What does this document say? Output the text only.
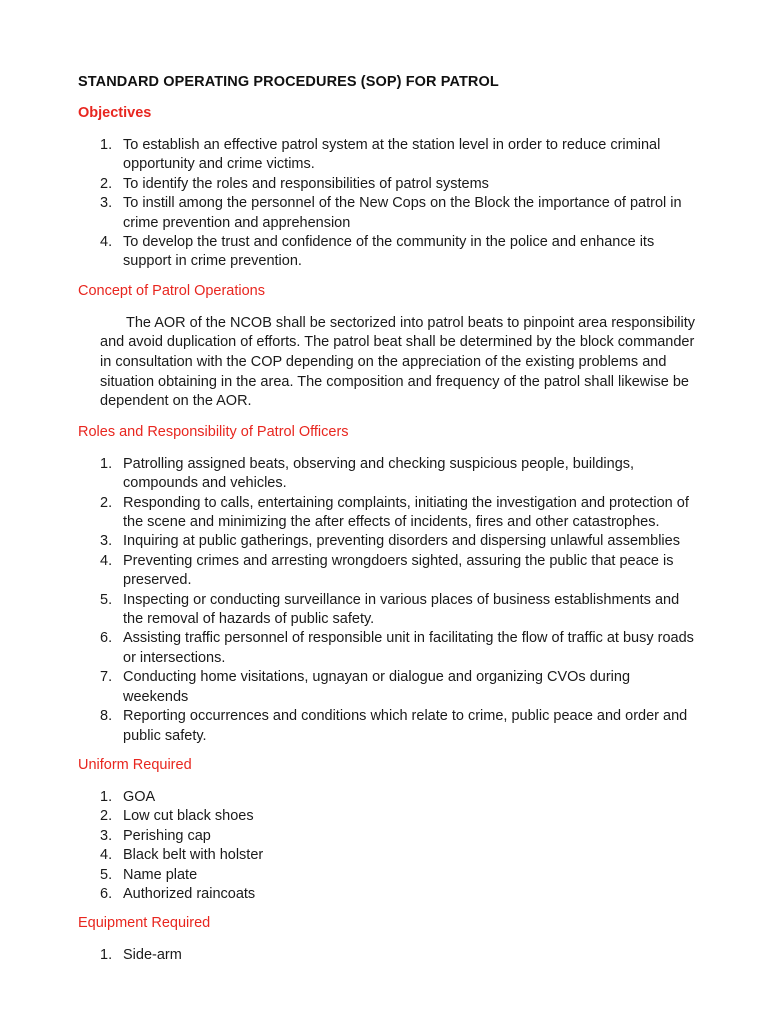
STANDARD OPERATING PROCEDURES (SOP) FOR PATROL
Objectives
1. To establish an effective patrol system at the station level in order to reduce criminal opportunity and crime victims.
2. To identify the roles and responsibilities of patrol systems
3. To instill among the personnel of the New Cops on the Block the importance of patrol in crime prevention and apprehension
4. To develop the trust and confidence of the community in the police and enhance its support in crime prevention.
Concept of Patrol Operations
The AOR of the NCOB shall be sectorized into patrol beats to pinpoint area responsibility and avoid duplication of efforts. The patrol beat shall be determined by the block commander in consultation with the COP depending on the appreciation of the existing problems and situation obtaining in the area. The composition and frequency of the patrol shall likewise be dependent on the AOR.
Roles and Responsibility of Patrol Officers
1. Patrolling assigned beats, observing and checking suspicious people, buildings, compounds and vehicles.
2. Responding to calls, entertaining complaints, initiating the investigation and protection of the scene and minimizing the after effects of incidents, fires and other catastrophes.
3. Inquiring at public gatherings, preventing disorders and dispersing unlawful assemblies
4. Preventing crimes and arresting wrongdoers sighted, assuring the public that peace is preserved.
5. Inspecting or conducting surveillance in various places of business establishments and the removal of hazards of public safety.
6. Assisting traffic personnel of responsible unit in facilitating the flow of traffic at busy roads or intersections.
7. Conducting home visitations, ugnayan or dialogue and organizing CVOs during weekends
8. Reporting occurrences and conditions which relate to crime, public peace and order and public safety.
Uniform Required
1. GOA
2. Low cut black shoes
3. Perishing cap
4. Black belt with holster
5. Name plate
6. Authorized raincoats
Equipment Required
1. Side-arm
